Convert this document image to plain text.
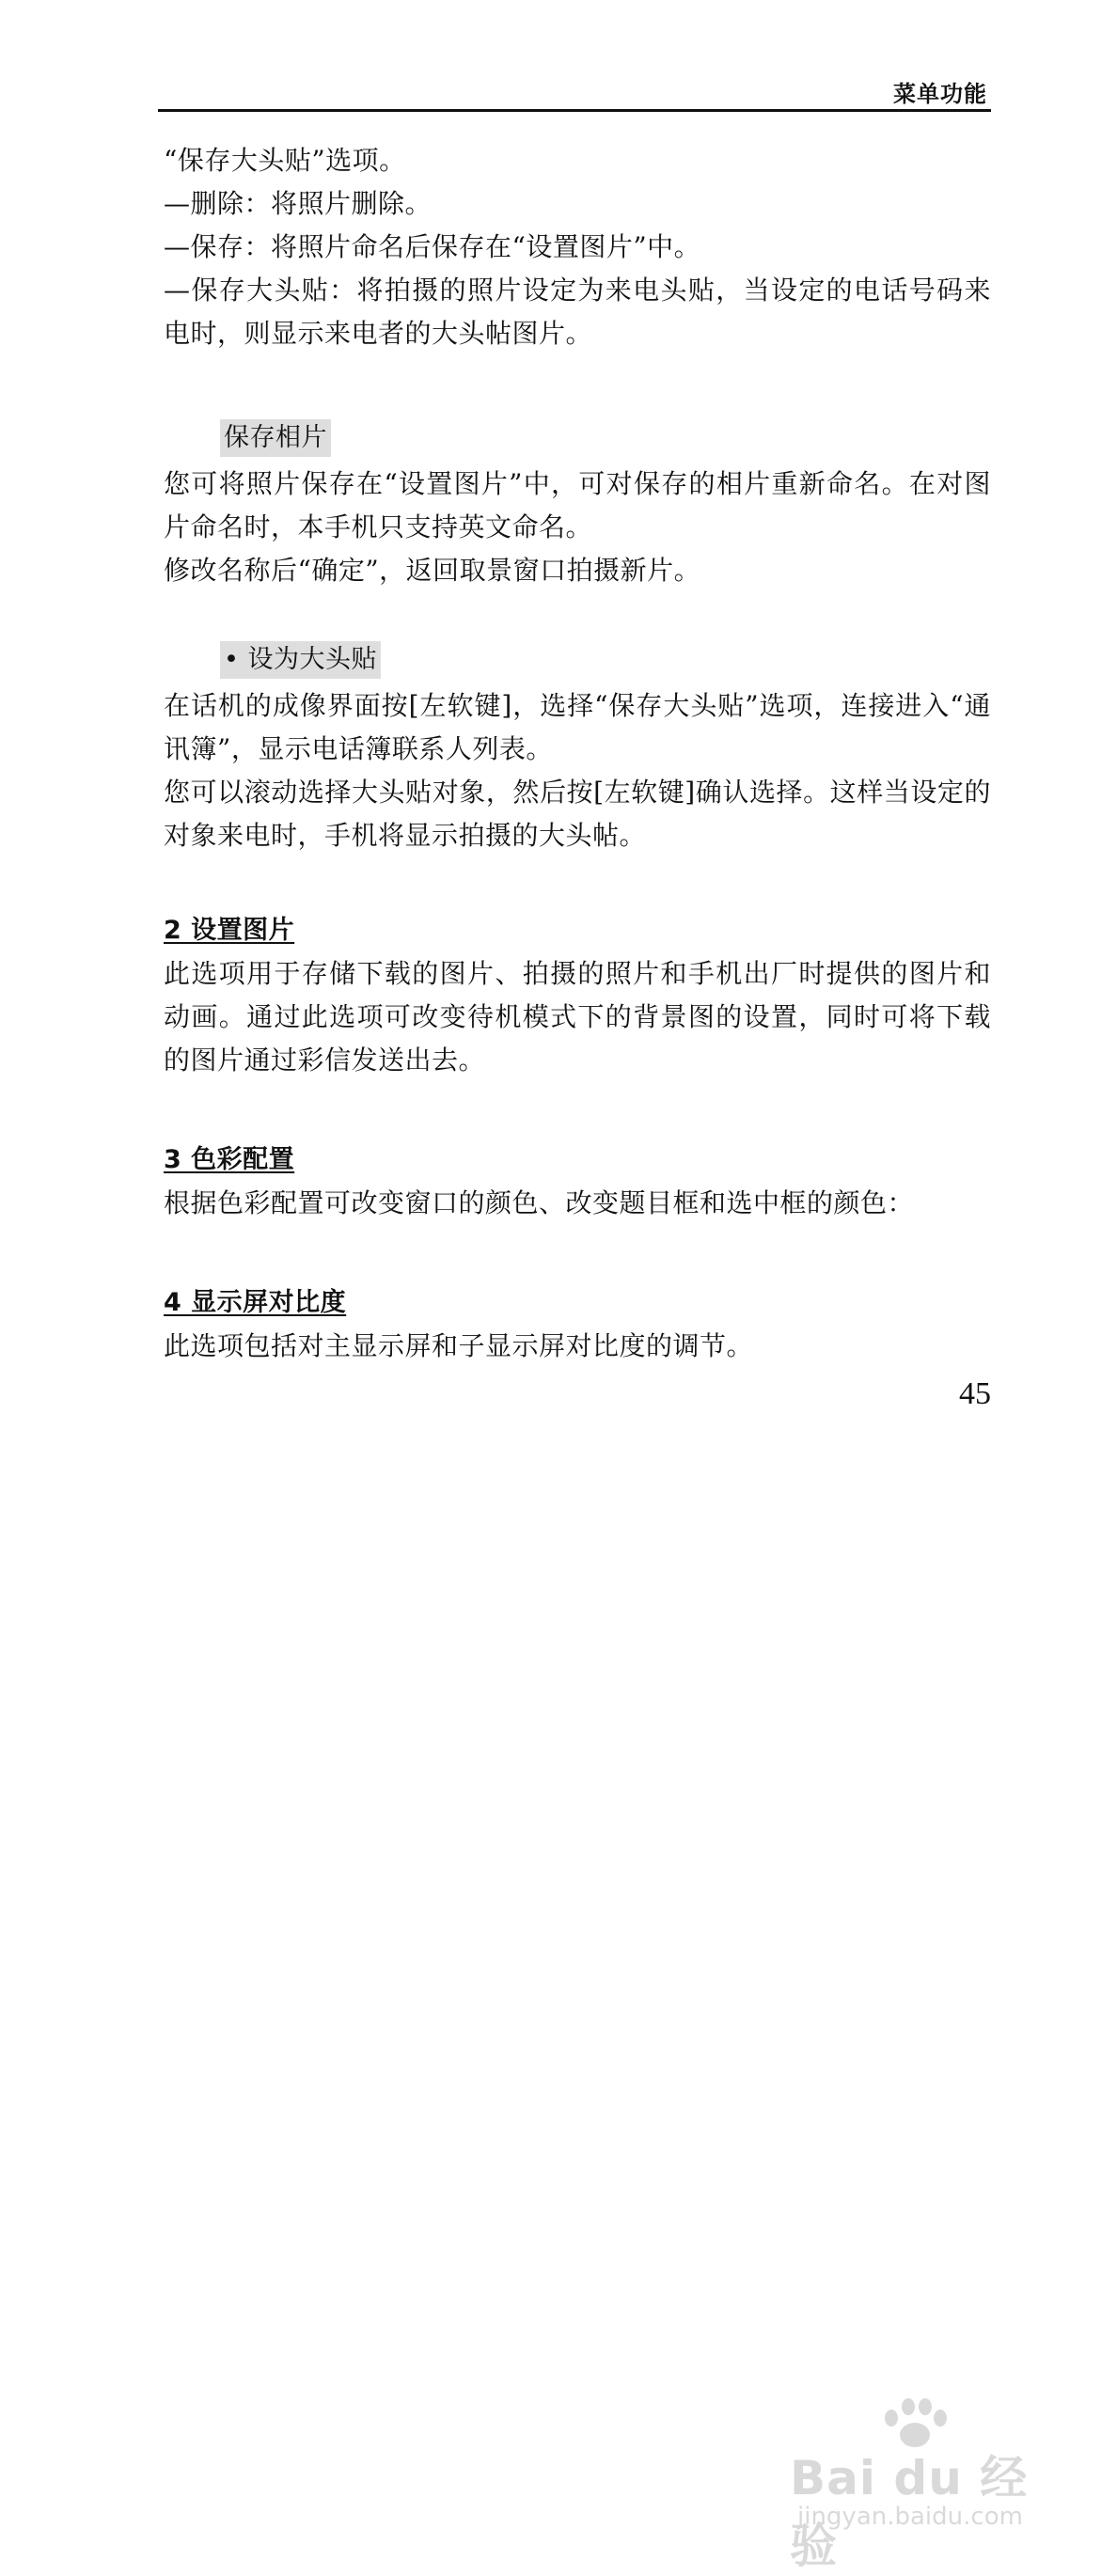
菜单功能

“保存大头贴”选项。

—删除：将照片删除。

—保存：将照片命名后保存在“设置图片”中。

—保存大头贴：将拍摄的照片设定为来电头贴，当设定的电话号码来电时，则显示来电者的大头帖图片。

保存相片

您可将照片保存在“设置图片”中，可对保存的相片重新命名。在对图片命名时，本手机只支持英文命名。

修改名称后“确定”，返回取景窗口拍摄新片。

• 设为大头贴

在话机的成像界面按[左软键]，选择“保存大头贴”选项，连接进入“通讯簿”，显示电话簿联系人列表。

您可以滚动选择大头贴对象，然后按[左软键]确认选择。这样当设定的对象来电时，手机将显示拍摄的大头帖。

2 设置图片

此选项用于存储下载的图片、拍摄的照片和手机出厂时提供的图片和动画。通过此选项可改变待机模式下的背景图的设置，同时可将下载的图片通过彩信发送出去。

3 色彩配置

根据色彩配置可改变窗口的颜色、改变题目框和选中框的颜色：

4 显示屏对比度

此选项包括对主显示屏和子显示屏对比度的调节。

45
Bai du 经验
jingyan.baidu.com
